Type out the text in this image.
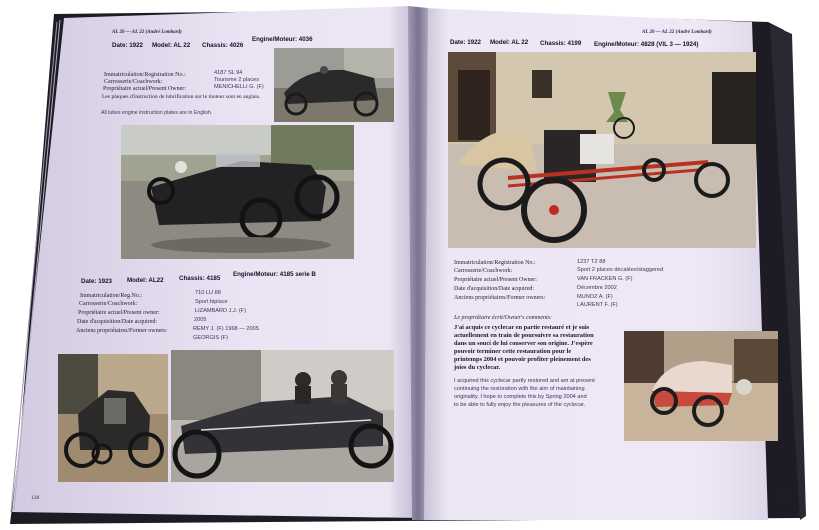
AL 20 — AL 22 (André Lombard)
Date: 1922 Model: AL 22 Chassis: 4026
Engine/Moteur: 4036
Immatriculation/Registration No.:	4187 SL 94
Carrosserie/Coachwork:	Tourisme 2 places
Propriétaire actuel/Present Owner:	MENICHELLI G. (F)
Les plaques d'instruction de lubrification sur le moteur sont en anglais.
All lubes engine instruction plates are in English.
Date: 1923 Model: AL22 Chassis: 4185
Engine/Moteur: 4185 serie B
Immatriculation/Reg.No.:	710 LU 88
Carrosserie/Coachwork:	Sport biplace
Propriétaire actuel/Present owner:	LIZAMBARD J.J. (F)
Date d'acquisition/Date acquired:	2005
Anciens propriétaires/Former owners:	REMY J. (F) 1968 — 2005
GEORGIS (F)
138
AL 20 — AL 22 (André Lombard)
Date: 1922 Model: AL 22 Chassis: 4199 Engine/Moteur: 4828 (VIL 3 — 1924)
Immatriculation/Registration No.:	1237 TZ 88
Carrosserie/Coachwork:	Sport 2 places décalées/staggered
Propriétaire actuel/Present Owner:	VAN FRACKEN G. (F)
Date d'acquisition/Date acquired:	Décembre 2002
Anciens propriétaires/Former owners:	MUNOZ A. (F)
LAURENT F. (F)
Le propriétaire écrit/Owner's comments:
J'ai acquis ce cyclecar en partie restauré et je suis
actuellement en train de poursuivre sa restauration
dans un souci de lui conserver son origine. J'espère
pouvoir terminer cette restauration pour le
printemps 2004 et pouvoir profiter pleinement des
joies du cyclecar.
I acquired this cyclecar partly restored and am at present
continuing the restoration with the aim of maintaining
originality. I hope to complete this by Spring 2004 and
to be able to fully enjoy the pleasures of the cyclecar.
139
